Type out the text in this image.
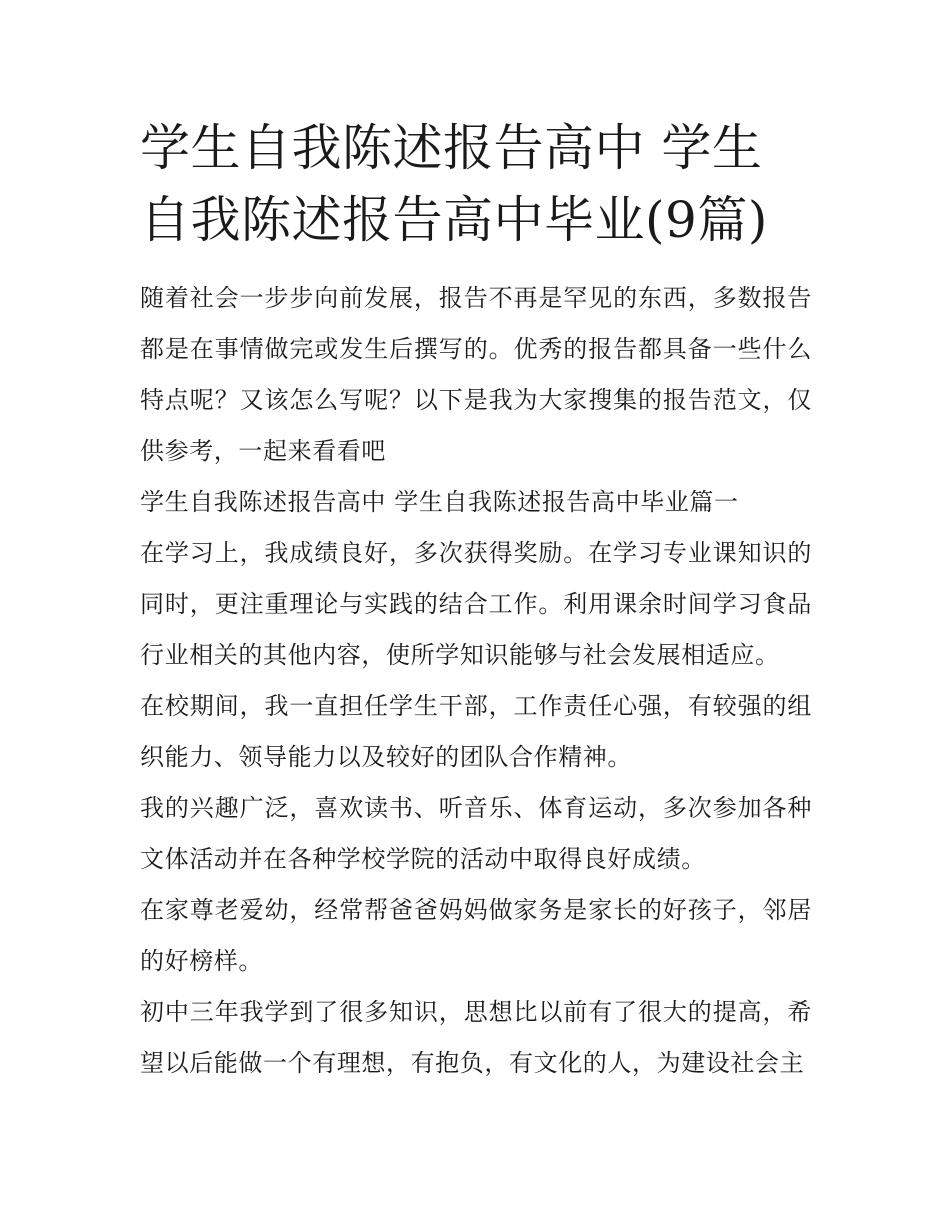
学生自我陈述报告高中 学生自我陈述报告高中毕业(9篇)

随着社会一步步向前发展，报告不再是罕见的东西，多数报告都是在事情做完或发生后撰写的。优秀的报告都具备一些什么特点呢？又该怎么写呢？以下是我为大家搜集的报告范文，仅供参考，一起来看看吧

学生自我陈述报告高中 学生自我陈述报告高中毕业篇一

在学习上，我成绩良好，多次获得奖励。在学习专业课知识的同时，更注重理论与实践的结合工作。利用课余时间学习食品行业相关的其他内容，使所学知识能够与社会发展相适应。

在校期间，我一直担任学生干部，工作责任心强，有较强的组织能力、领导能力以及较好的团队合作精神。

我的兴趣广泛，喜欢读书、听音乐、体育运动，多次参加各种文体活动并在各种学校学院的活动中取得良好成绩。

在家尊老爱幼，经常帮爸爸妈妈做家务是家长的好孩子，邻居的好榜样。

初中三年我学到了很多知识，思想比以前有了很大的提高，希望以后能做一个有理想，有抱负，有文化的人，为建设社会主
